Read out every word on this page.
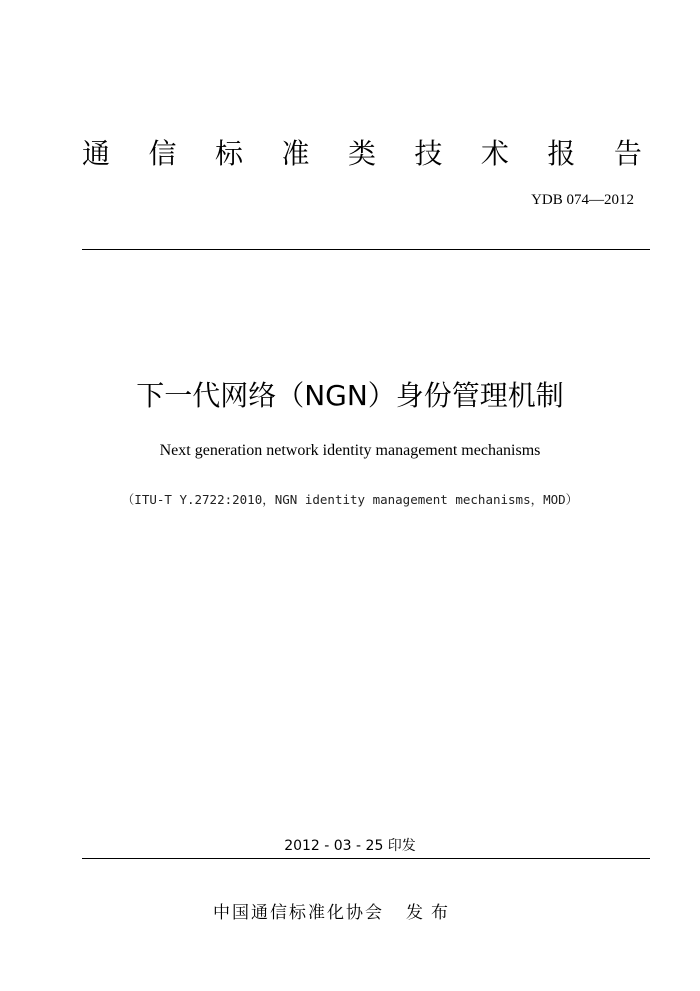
通 信 标 准 类 技 术 报 告
YDB 074—2012
下一代网络（NGN）身份管理机制
Next generation network identity management mechanisms
（ITU-T Y.2722:2010，NGN identity management mechanisms，MOD）
2012 - 03 - 25 印发
中国通信标准化协会 发布
